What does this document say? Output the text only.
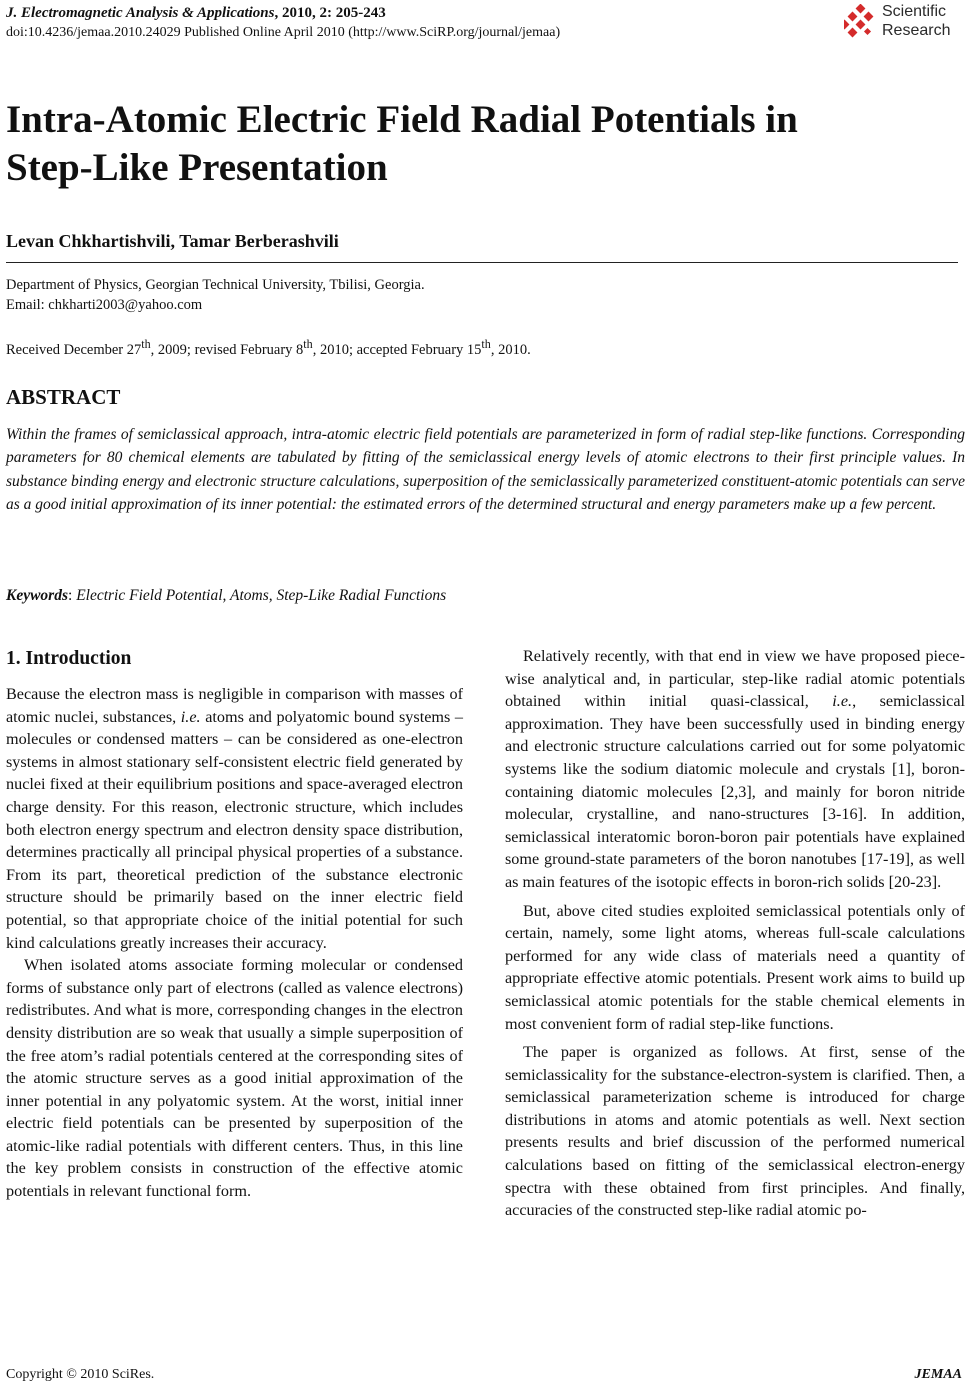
J. Electromagnetic Analysis & Applications, 2010, 2: 205-243
doi:10.4236/jemaa.2010.24029 Published Online April 2010 (http://www.SciRP.org/journal/jemaa)
Scientific
Research
Intra-Atomic Electric Field Radial Potentials in
Step-Like Presentation
Levan Chkhartishvili, Tamar Berberashvili
Department of Physics, Georgian Technical University, Tbilisi, Georgia.
Email: chkharti2003@yahoo.com
Received December 27th, 2009; revised February 8th, 2010; accepted February 15th, 2010.
ABSTRACT

Within the frames of semiclassical approach, intra-atomic electric field potentials are parameterized in form of radial step-like functions. Corresponding parameters for 80 chemical elements are tabulated by fitting of the semiclassical energy levels of atomic electrons to their first principle values. In substance binding energy and electronic structure calculations, superposition of the semiclassically parameterized constituent-atomic potentials can serve as a good initial approximation of its inner potential: the estimated errors of the determined structural and energy parameters make up a few percent.

Keywords: Electric Field Potential, Atoms, Step-Like Radial Functions
1. Introduction

Because the electron mass is negligible in comparison with masses of atomic nuclei, substances, i.e. atoms and polyatomic bound systems – molecules or condensed matters – can be considered as one-electron systems in almost stationary self-consistent electric field generated by nuclei fixed at their equilibrium positions and space-averaged electron charge density. For this reason, electronic structure, which includes both electron energy spectrum and electron density space distribution, determines practically all principal physical properties of a substance. From its part, theoretical prediction of the substance electronic structure should be primarily based on the inner electric field potential, so that appropriate choice of the initial potential for such kind calculations greatly increases their accuracy.

When isolated atoms associate forming molecular or condensed forms of substance only part of electrons (called as valence electrons) redistributes. And what is more, corresponding changes in the electron density distribution are so weak that usually a simple superposition of the free atom’s radial potentials centered at the corresponding sites of the atomic structure serves as a good initial approximation of the inner potential in any polyatomic system. At the worst, initial inner electric field potentials can be presented by superposition of the atomic-like radial potentials with different centers. Thus, in this line the key problem consists in construction of the effective atomic potentials in relevant functional form.

Relatively recently, with that end in view we have proposed piece-wise analytical and, in particular, step-like radial atomic potentials obtained within initial quasi-classical, i.e., semiclassical approximation. They have been successfully used in binding energy and electronic structure calculations carried out for some polyatomic systems like the sodium diatomic molecule and crystals [1], boron-containing diatomic molecules [2,3], and mainly for boron nitride molecular, crystalline, and nano-structures [3-16]. In addition, semiclassical interatomic boron-boron pair potentials have explained some ground-state parameters of the boron nanotubes [17-19], as well as main features of the isotopic effects in boron-rich solids [20-23].

But, above cited studies exploited semiclassical potentials only of certain, namely, some light atoms, whereas full-scale calculations performed for any wide class of materials need a quantity of appropriate effective atomic potentials. Present work aims to build up semiclassical atomic potentials for the stable chemical elements in most convenient form of radial step-like functions.

The paper is organized as follows. At first, sense of the semiclassicality for the substance-electron-system is clarified. Then, a semiclassical parameterization scheme is introduced for charge distributions in atoms and atomic potentials as well. Next section presents results and brief discussion of the performed numerical calculations based on fitting of the semiclassical electron-energy spectra with these obtained from first principles. And finally, accuracies of the constructed step-like radial atomic po-

Copyright © 2010 SciRes.	JEMAA
